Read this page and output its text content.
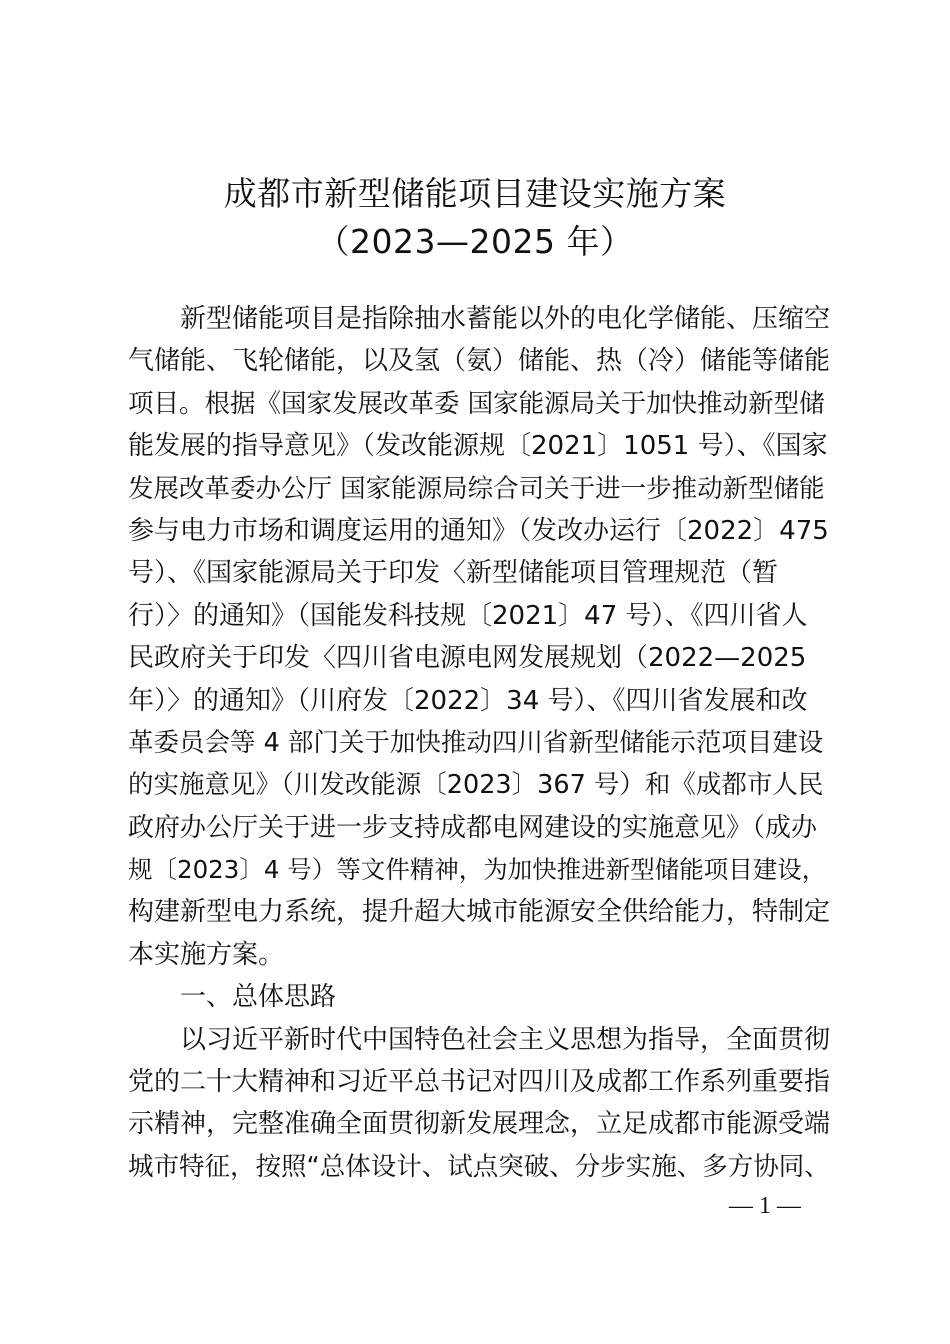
成都市新型储能项目建设实施方案
（2023—2025 年）
新型储能项目是指除抽水蓄能以外的电化学储能、压缩空
气储能、飞轮储能，以及氢（氨）储能、热（冷）储能等储能
项目。根据《国家发展改革委 国家能源局关于加快推动新型储
能发展的指导意见》（发改能源规〔2021〕1051 号）、《国家
发展改革委办公厅 国家能源局综合司关于进一步推动新型储能
参与电力市场和调度运用的通知》（发改办运行〔2022〕475
号）、《国家能源局关于印发〈新型储能项目管理规范（暂
行）〉的通知》（国能发科技规〔2021〕47 号）、《四川省人
民政府关于印发〈四川省电源电网发展规划（2022—2025
年）〉的通知》（川府发〔2022〕34 号）、《四川省发展和改
革委员会等 4 部门关于加快推动四川省新型储能示范项目建设
的实施意见》（川发改能源〔2023〕367 号）和《成都市人民
政府办公厅关于进一步支持成都电网建设的实施意见》（成办
规〔2023〕4 号）等文件精神，为加快推进新型储能项目建设，
构建新型电力系统，提升超大城市能源安全供给能力，特制定
本实施方案。
一、总体思路
以习近平新时代中国特色社会主义思想为指导，全面贯彻
党的二十大精神和习近平总书记对四川及成都工作系列重要指
示精神，完整准确全面贯彻新发展理念，立足成都市能源受端
城市特征，按照“总体设计、试点突破、分步实施、多方协同、
— 1 —
